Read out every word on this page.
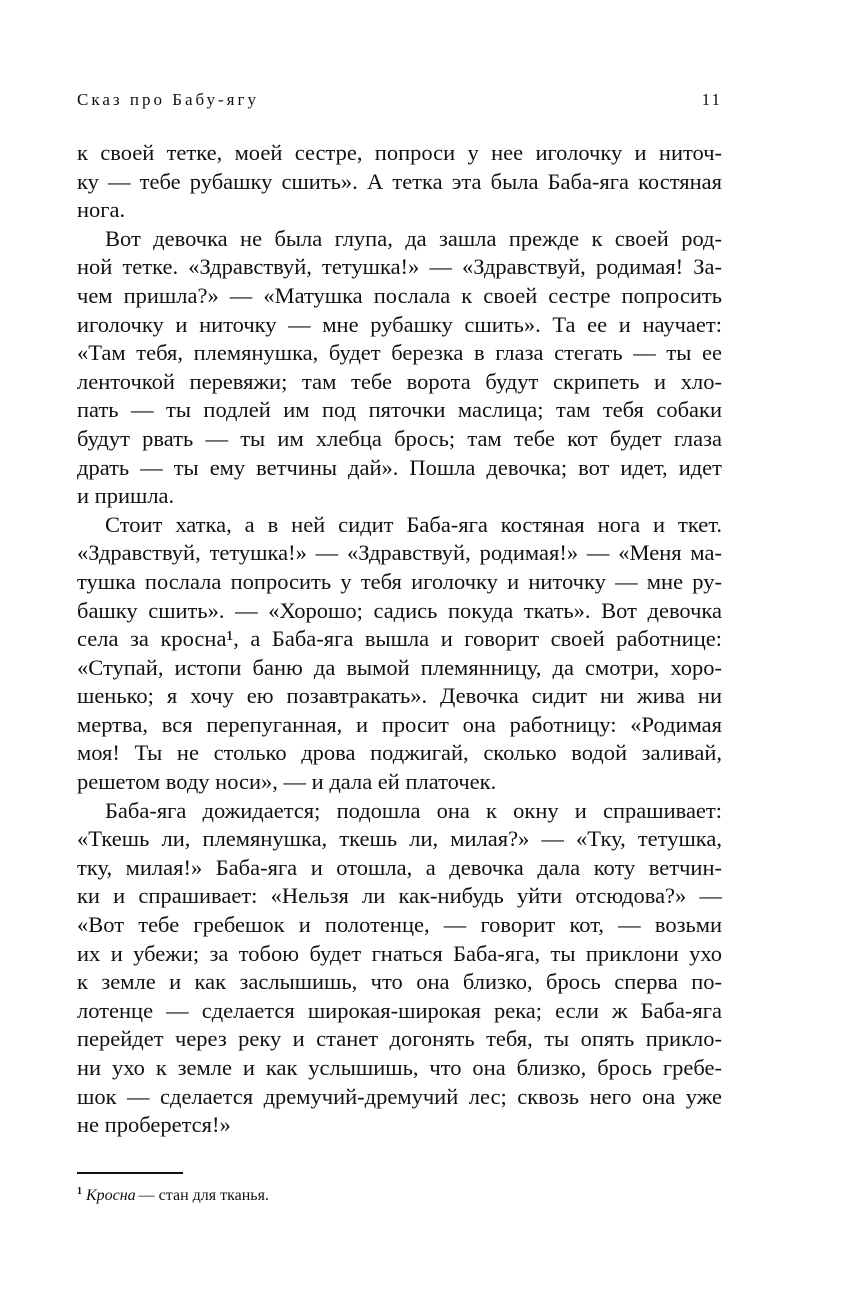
Сказ про Бабу-ягу	11
к своей тетке, моей сестре, попроси у нее иголочку и ниточ-
ку — тебе рубашку сшить». А тетка эта была Баба-яга костяная
нога.
Вот девочка не была глупа, да зашла прежде к своей род-
ной тетке. «Здравствуй, тетушка!» — «Здравствуй, родимая! За-
чем пришла?» — «Матушка послала к своей сестре попросить
иголочку и ниточку — мне рубашку сшить». Та ее и научает:
«Там тебя, племянушка, будет березка в глаза стегать — ты ее
ленточкой перевяжи; там тебе ворота будут скрипеть и хло-
пать — ты подлей им под пяточки маслица; там тебя собаки
будут рвать — ты им хлебца брось; там тебе кот будет глаза
драть — ты ему ветчины дай». Пошла девочка; вот идет, идет
и пришла.
Стоит хатка, а в ней сидит Баба-яга костяная нога и ткет.
«Здравствуй, тетушка!» — «Здравствуй, родимая!» — «Меня ма-
тушка послала попросить у тебя иголочку и ниточку — мне ру-
башку сшить». — «Хорошо; садись покуда ткать». Вот девочка
села за кросна¹, а Баба-яга вышла и говорит своей работнице:
«Ступай, истопи баню да вымой племянницу, да смотри, хоро-
шенько; я хочу ею позавтракать». Девочка сидит ни жива ни
мертва, вся перепуганная, и просит она работницу: «Родимая
моя! Ты не столько дрова поджигай, сколько водой заливай,
решетом воду носи», — и дала ей платочек.
Баба-яга дожидается; подошла она к окну и спрашивает:
«Ткешь ли, племянушка, ткешь ли, милая?» — «Тку, тетушка,
тку, милая!» Баба-яга и отошла, а девочка дала коту ветчин-
ки и спрашивает: «Нельзя ли как-нибудь уйти отсюдова?» —
«Вот тебе гребешок и полотенце, — говорит кот, — возьми
их и убежи; за тобою будет гнаться Баба-яга, ты приклони ухо
к земле и как заслышишь, что она близко, брось сперва по-
лотенце — сделается широкая-широкая река; если ж Баба-яга
перейдет через реку и станет догонять тебя, ты опять прикло-
ни ухо к земле и как услышишь, что она близко, брось гребе-
шок — сделается дремучий-дремучий лес; сквозь него она уже
не проберется!»
$^1$ Кросна — стан для тканья.
